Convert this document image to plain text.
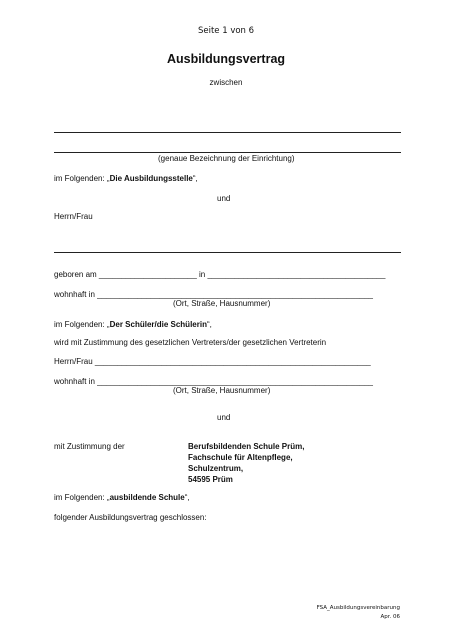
Seite 1 von 6
Ausbildungsvertrag
zwischen
(genaue Bezeichnung der Einrichtung)
im Folgenden: „Die Ausbildungsstelle“,
und
Herrn/Frau
geboren am ______________________ in ________________________________________
wohnhaft in ______________________________________________________________
(Ort, Straße, Hausnummer)
im Folgenden: „Der Schüler/die Schülerin“,
wird mit Zustimmung des gesetzlichen Vertreters/der gesetzlichen Vertreterin
Herrn/Frau ______________________________________________________________
wohnhaft in ______________________________________________________________
(Ort, Straße, Hausnummer)
und
mit Zustimmung der	Berufsbildenden Schule Prüm,
Fachschule für Altenpflege,
Schulzentrum,
54595 Prüm
im Folgenden: „ausbildende Schule“,
folgender Ausbildungsvertrag geschlossen:
FSA_Ausbildungsvereinbarung
Apr. 06
